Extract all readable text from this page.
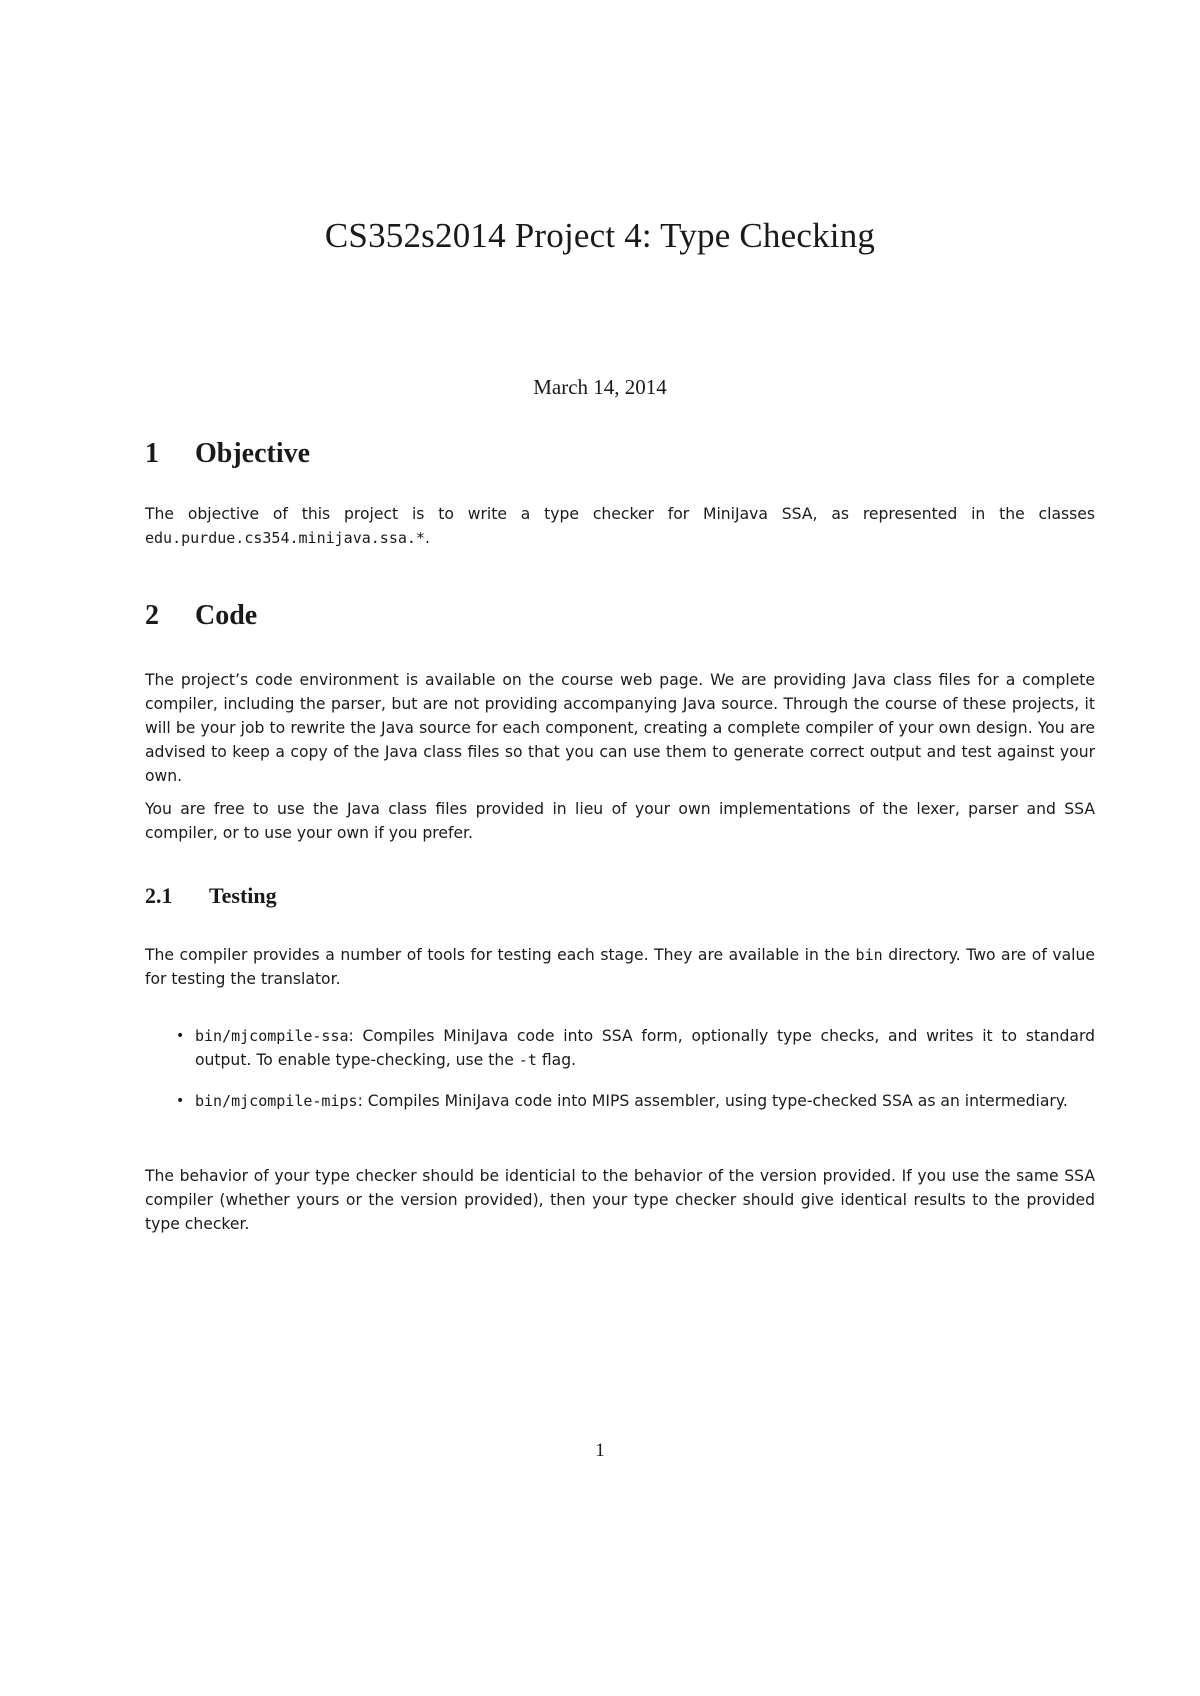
CS352s2014 Project 4: Type Checking
March 14, 2014
1 Objective
The objective of this project is to write a type checker for MiniJava SSA, as represented in the classes edu.purdue.cs354.minijava.ssa.*.
2 Code
The project’s code environment is available on the course web page. We are providing Java class files for a complete compiler, including the parser, but are not providing accompanying Java source. Through the course of these projects, it will be your job to rewrite the Java source for each component, creating a complete compiler of your own design. You are advised to keep a copy of the Java class files so that you can use them to generate correct output and test against your own.
You are free to use the Java class files provided in lieu of your own implementations of the lexer, parser and SSA compiler, or to use your own if you prefer.
2.1 Testing
The compiler provides a number of tools for testing each stage. They are available in the bin directory. Two are of value for testing the translator.
• bin/mjcompile-ssa: Compiles MiniJava code into SSA form, optionally type checks, and writes it to standard output. To enable type-checking, use the -t flag.
• bin/mjcompile-mips: Compiles MiniJava code into MIPS assembler, using type-checked SSA as an intermediary.
The behavior of your type checker should be identicial to the behavior of the version provided. If you use the same SSA compiler (whether yours or the version provided), then your type checker should give identical results to the provided type checker.
1
